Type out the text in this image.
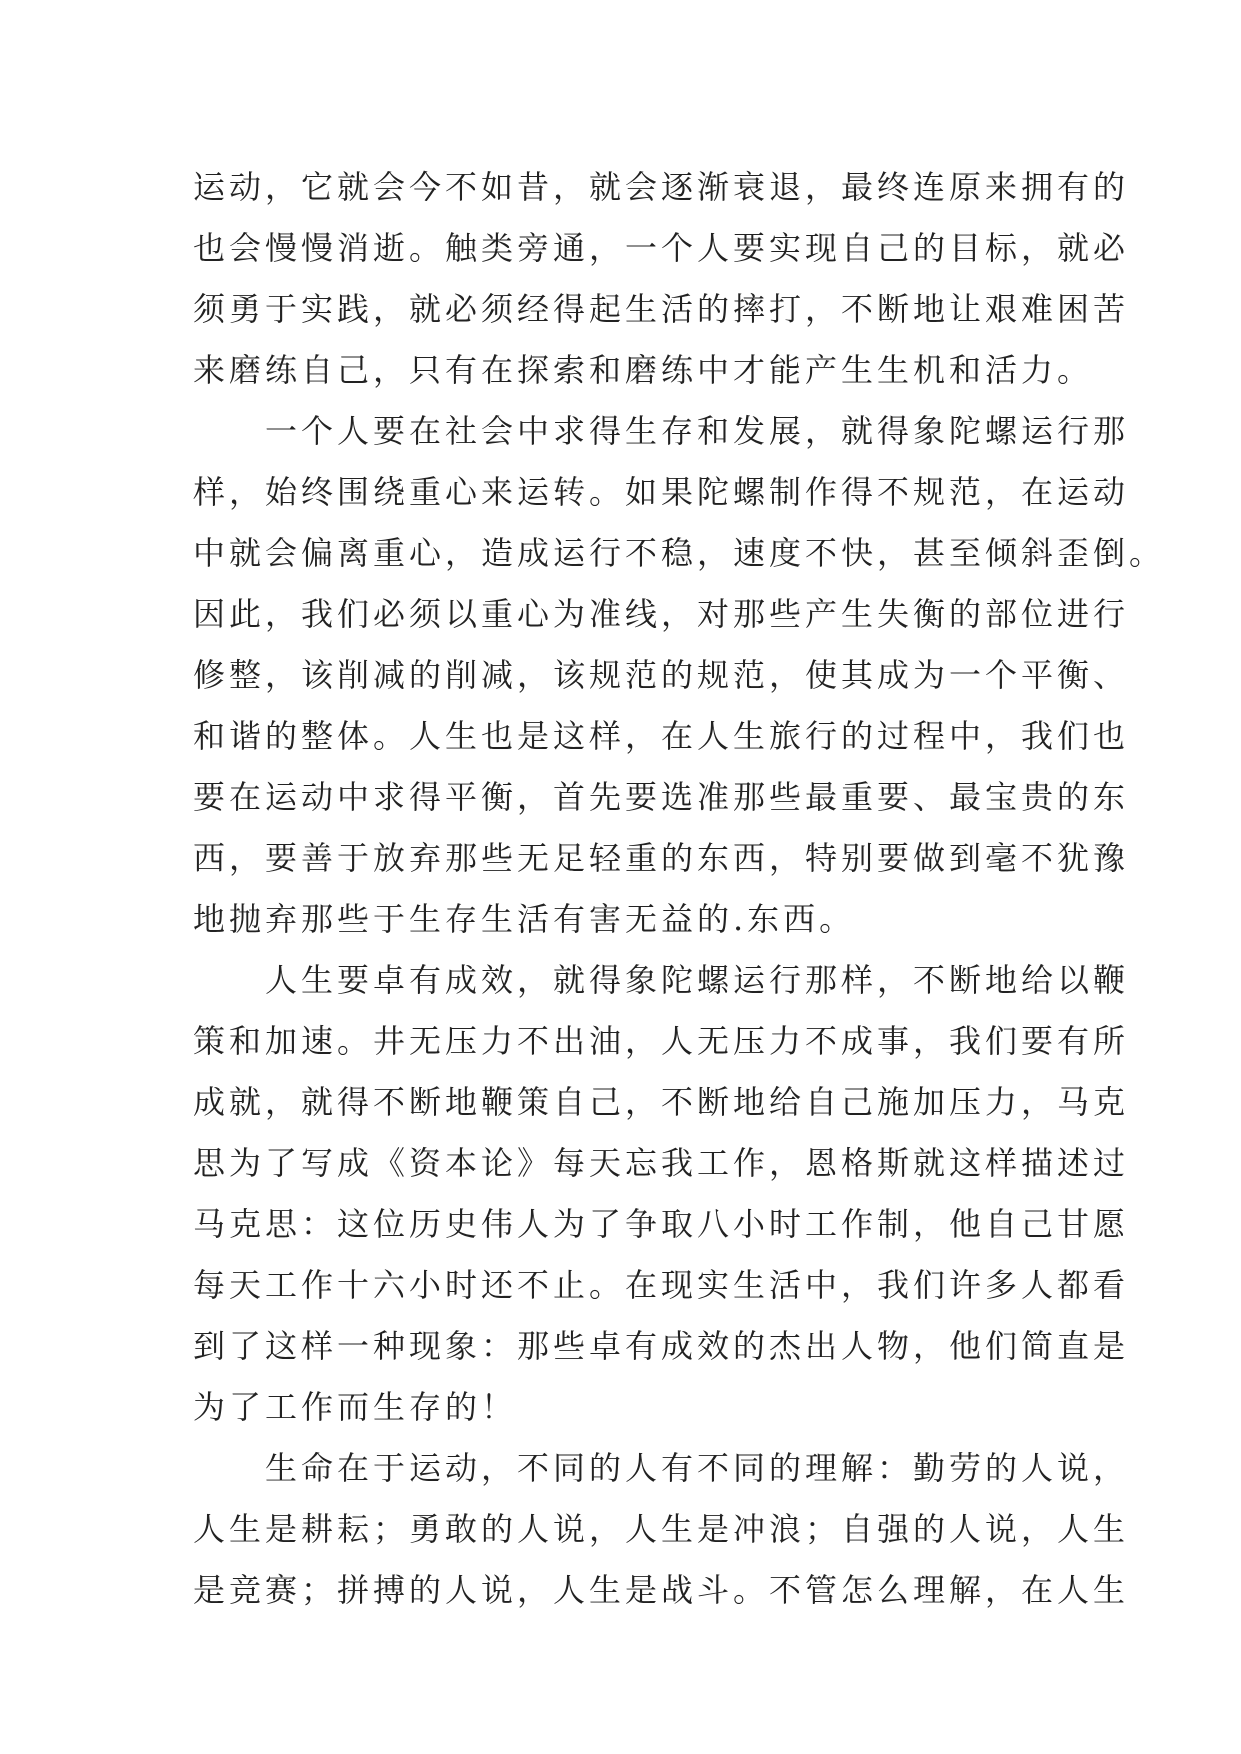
运动，它就会今不如昔，就会逐渐衰退，最终连原来拥有的

也会慢慢消逝。触类旁通，一个人要实现自己的目标，就必

须勇于实践，就必须经得起生活的摔打，不断地让艰难困苦

来磨练自己，只有在探索和磨练中才能产生生机和活力。

　　一个人要在社会中求得生存和发展，就得象陀螺运行那

样，始终围绕重心来运转。如果陀螺制作得不规范，在运动

中就会偏离重心，造成运行不稳，速度不快，甚至倾斜歪倒。

因此，我们必须以重心为准线，对那些产生失衡的部位进行

修整，该削减的削减，该规范的规范，使其成为一个平衡、

和谐的整体。人生也是这样，在人生旅行的过程中，我们也

要在运动中求得平衡，首先要选准那些最重要、最宝贵的东

西，要善于放弃那些无足轻重的东西，特别要做到毫不犹豫

地抛弃那些于生存生活有害无益的.东西。

　　人生要卓有成效，就得象陀螺运行那样，不断地给以鞭

策和加速。井无压力不出油，人无压力不成事，我们要有所

成就，就得不断地鞭策自己，不断地给自己施加压力，马克

思为了写成《资本论》每天忘我工作，恩格斯就这样描述过

马克思：这位历史伟人为了争取八小时工作制，他自己甘愿

每天工作十六小时还不止。在现实生活中，我们许多人都看

到了这样一种现象：那些卓有成效的杰出人物，他们简直是

为了工作而生存的！

　　生命在于运动，不同的人有不同的理解：勤劳的人说，

人生是耕耘；勇敢的人说，人生是冲浪；自强的人说，人生

是竞赛；拼搏的人说，人生是战斗。不管怎么理解，在人生
